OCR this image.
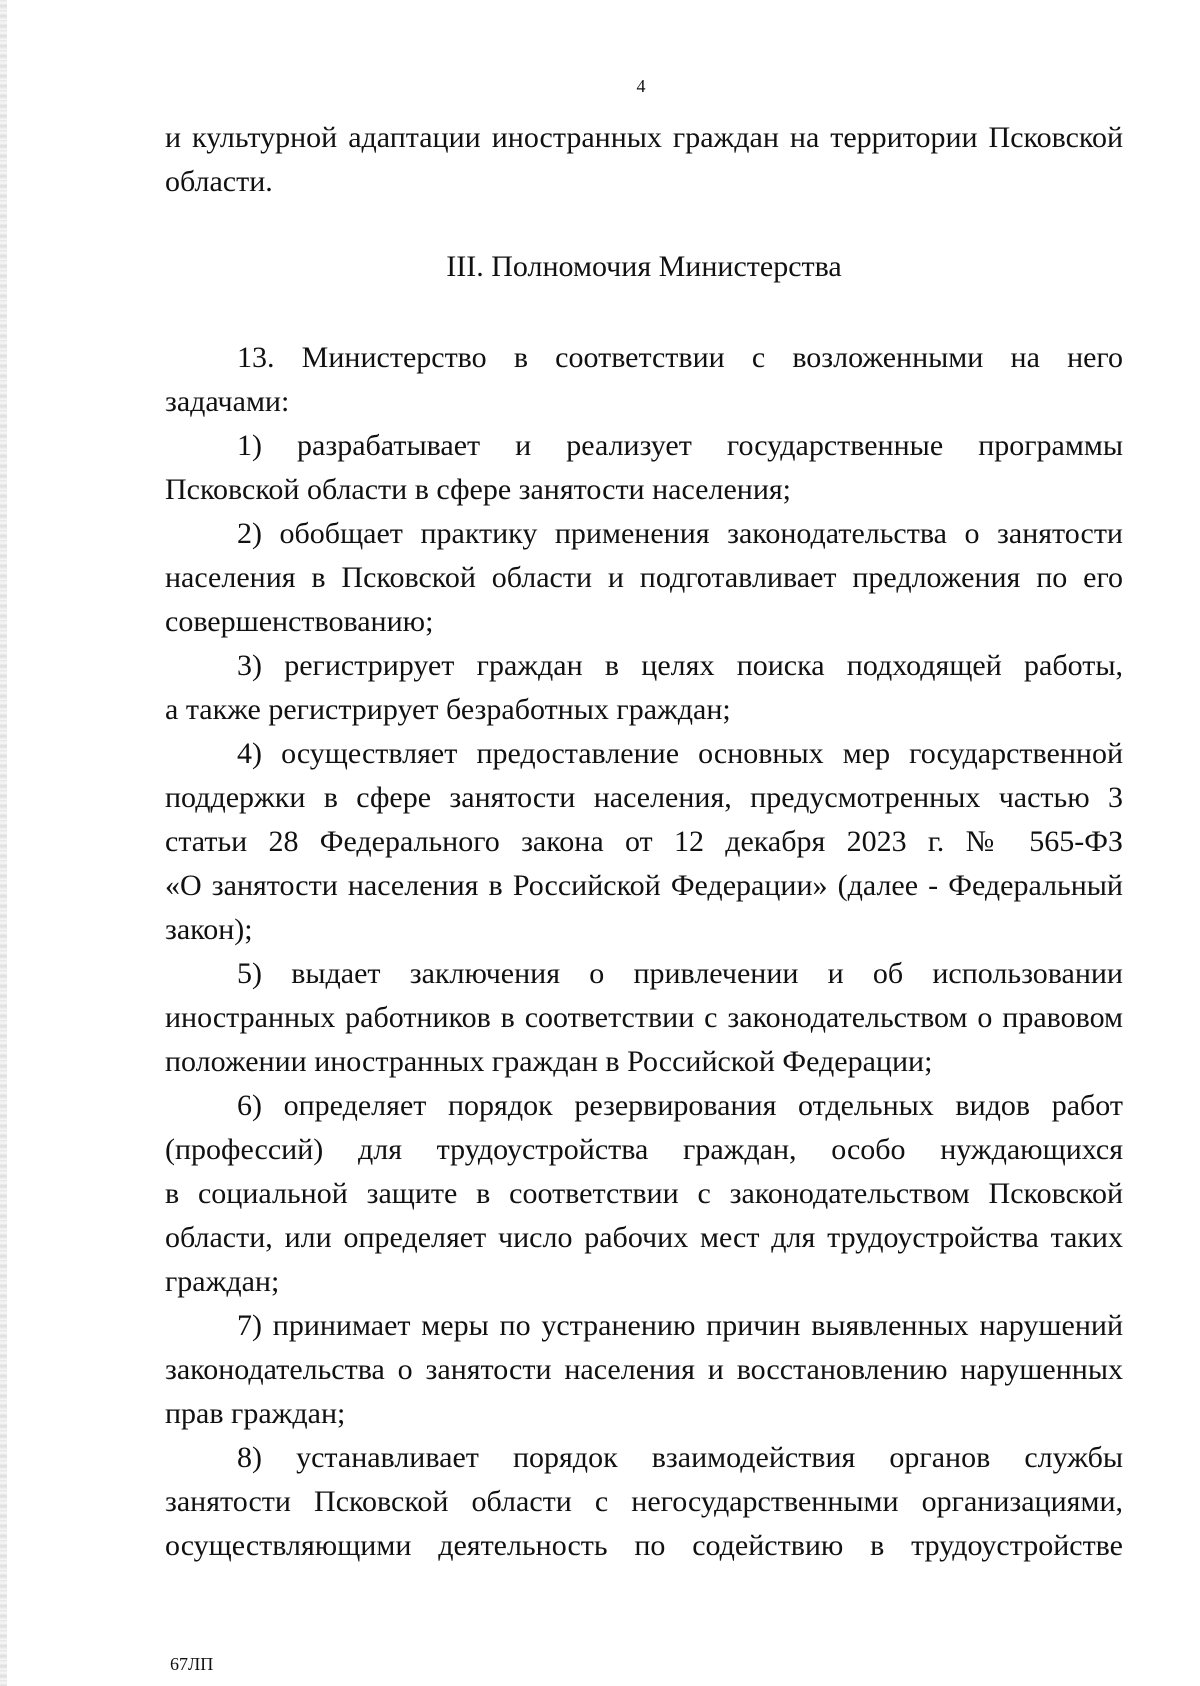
4

и культурной адаптации иностранных граждан на территории Псковской
области.

III. Полномочия Министерства

13. Министерство в соответствии с возложенными на него
задачами:
1) разрабатывает и реализует государственные программы
Псковской области в сфере занятости населения;
2) обобщает практику применения законодательства о занятости
населения в Псковской области и подготавливает предложения по его
совершенствованию;
3) регистрирует граждан в целях поиска подходящей работы,
а также регистрирует безработных граждан;
4) осуществляет предоставление основных мер государственной
поддержки в сфере занятости населения, предусмотренных частью 3
статьи 28 Федерального закона от 12 декабря 2023 г. № 565-ФЗ
«О занятости населения в Российской Федерации» (далее - Федеральный
закон);
5) выдает заключения о привлечении и об использовании
иностранных работников в соответствии с законодательством о правовом
положении иностранных граждан в Российской Федерации;
6) определяет порядок резервирования отдельных видов работ
(профессий) для трудоустройства граждан, особо нуждающихся
в социальной защите в соответствии с законодательством Псковской
области, или определяет число рабочих мест для трудоустройства таких
граждан;
7) принимает меры по устранению причин выявленных нарушений
законодательства о занятости населения и восстановлению нарушенных
прав граждан;
8) устанавливает порядок взаимодействия органов службы
занятости Псковской области с негосударственными организациями,
осуществляющими деятельность по содействию в трудоустройстве

67ЛП
